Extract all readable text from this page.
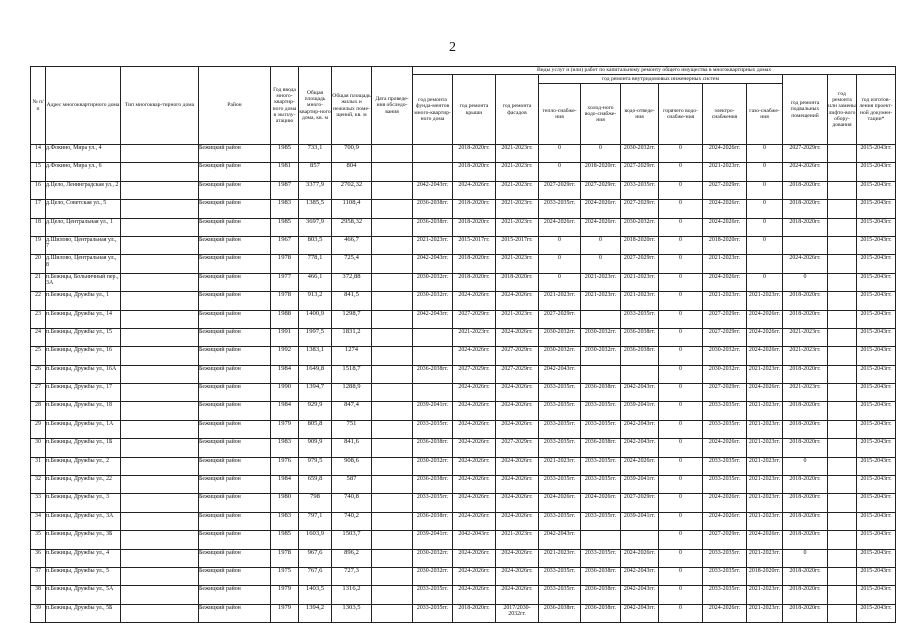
2
№ п/п	Адрес многоквартирного дома	Тип многоквар-тирного дома	Район	Год ввода много-квартир-ного дома в эксплу-атацию	Общая площадь много-квартир-ного дома, кв. м	Общая площадь жилых и нежилых поме-щений, кв. м	Дата проведе-ния обследо-вания	Виды услуг и (или) работ по капитальному ремонту общего имущества в многоквартирных домах											
								год ремонта фунда-ментов много-квартир-ного дома	год ремонта крыши	год ремонта фасадов	год ремонта внутридомовых инженерных систем						год ремонта подвальных помещений	год ремонта или замены лифто-вого обору-дования	год изготов-ления проект-ной докумен-тации*
											тепло-снабже-ния	холод-ного водо-снабже-ния	водо-отведе-ния	горячего водо-снабже-ния	электро-снабжения	газо-снабже-ния			
14	д.Фокино, Мира ул., 4		Бежицкий район	1985	733,1	700,9			2018-2020гг.	2021-2023гг.	0	0	2030-2032гг.	0	2024-2026гг.	0	2027-2029гг.		2015-2043гг.
15	д.Фокино, Мира ул., 6		Бежицкий район	1981	857	804			2018-2020гг.	2021-2023гг.	0	2018-2020гг.	2027-2029гг.	0	2021-2023гг.	0	2024-2026гг.		2015-2043гг.
16	д.Цело, Ленинградская ул., 2		Бежицкий район	1987	3377,9	2702,32		2042-2043гг.	2024-2026гг.	2021-2023гг.	2027-2029гг.	2027-2029гг.	2033-2035гг.	0	2027-2029гг.	0	2018-2020гг.		2015-2043гг.
17	д.Цело, Советская ул., 5		Бежицкий район	1983	1385,5	1108,4		2036-2038гг.	2018-2020гг.	2021-2023гг.	2033-2035гг.	2024-2026гг.	2027-2029гг.	0	2024-2026гг.	0	2018-2020гг.		2015-2043гг.
18	д.Цело, Центральная ул., 1		Бежицкий район	1985	3697,9	2958,32		2036-2038гг.	2018-2020гг.	2021-2023гг.	2024-2026гг.	2024-2026гг.	2030-2032гг.	0	2024-2026гг.	0	2018-2020гг.		2015-2043гг.
19	д.Шилово, Центральная ул., 7		Бежицкий район	1967	803,5	466,7		2021-2023гг.	2015-2017гг.	2015-2017гг.	0	0	2018-2020гг.	0	2018-2020гг.	0			2015-2043гг.
20	д.Шилово, Центральная ул., 8		Бежицкий район	1978	778,1	725,4		2042-2043гг.	2018-2020гг.	2021-2023гг.	0	0	2027-2029гг.	0	2021-2023гг.		2024-2026гг.		2015-2043гг.
21	п.Бежицы, Больничный пер., 3А		Бежицкий район	1977	466,1	372,88		2030-2032гг.	2018-2020гг.	2018-2020гг.	0	2021-2023гг.	2021-2023гг.	0	2024-2026гг.	0	0		2015-2043гг.
22	п.Бежицы, Дружбы ул., 1		Бежицкий район	1978	913,2	841,5		2030-2032гг.	2024-2026гг.	2024-2026гг.	2021-2023гг.	2021-2023гг.	2021-2023гг.	0	2021-2023гг.	2021-2023гг.	2018-2020гг.		2015-2043гг.
23	п.Бежицы, Дружбы ул., 14		Бежицкий район	1988	1400,9	1298,7		2042-2043гг.	2027-2029гг.	2021-2023гг.	2027-2029гг.		2033-2035гг.	0	2027-2029гг.	2024-2026гг.	2018-2020гг.		2015-2043гг.
24	п.Бежицы, Дружбы ул., 15		Бежицкий район	1991	1997,5	1831,2			2021-2023гг.	2024-2026гг.	2030-2032гг.	2030-2032гг.	2036-2038гг.	0	2027-2029гг.	2024-2026гг.	2021-2023гг.		2015-2043гг.
25	п.Бежицы, Дружбы ул., 16		Бежицкий район	1992	1383,1	1274			2024-2026гг.	2027-2029гг.	2030-2032гг.	2030-2032гг.	2036-2038гг.	0	2030-2032гг.	2024-2026гг.	2021-2023гг.		2015-2043гг.
26	п.Бежицы, Дружбы ул., 16А		Бежицкий район	1984	1649,8	1518,7		2036-2038гг.	2027-2029гг.	2027-2029гг.	2042-2043гг.			0	2030-2032гг.	2021-2023гг.	2018-2020гг.		2015-2043гг.
27	п.Бежицы, Дружбы ул., 17		Бежицкий район	1990	1394,7	1288,9			2024-2026гг.	2024-2026гг.	2033-2035гг.	2036-2038гг.	2042-2043гг.	0	2027-2029гг.	2024-2026гг.	2021-2023гг.		2015-2043гг.
28	п.Бежицы, Дружбы ул., 18		Бежицкий район	1984	929,9	847,4		2039-2041гг.	2024-2026гг.	2024-2026гг.	2033-2035гг.	2033-2035гг.	2039-2041гг.	0	2033-2035гг.	2021-2023гг.	2018-2020гг.		2015-2043гг.
29	п.Бежицы, Дружбы ул., 1А		Бежицкий район	1979	805,8	751		2033-2035гг.	2024-2026гг.	2024-2026гг.	2033-2035гг.	2033-2035гг.	2042-2043гг.	0	2033-2035гг.	2021-2023гг.	2018-2020гг.		2015-2043гг.
30	п.Бежицы, Дружбы ул., 1Б		Бежицкий район	1983	909,9	841,6		2036-2038гг.	2024-2026гг.	2027-2029гг.	2033-2035гг.	2036-2038гг.	2042-2043гг.	0	2024-2026гг.	2021-2023гг.	2018-2020гг.		2015-2043гг.
31	п.Бежицы, Дружбы ул., 2		Бежицкий район	1976	979,5	908,6		2030-2032гг.	2024-2026гг.	2024-2026гг.	2021-2023гг.	2033-2035гг.	2024-2026гг.	0	2033-2035гг.	2021-2023гг.	0		2015-2043гг.
32	п.Бежицы, Дружбы ул., 22		Бежицкий район	1984	659,8	587		2036-2038гг.	2024-2026гг.	2024-2026гг.	2033-2035гг.	2033-2035гг.	2039-2041гг.	0	2033-2035гг.	2021-2023гг.	2018-2020гг.		2015-2043гг.
33	п.Бежицы, Дружбы ул., 3		Бежицкий район	1980	798	740,8		2033-2035гг.	2024-2026гг.	2024-2026гг.	2024-2026гг.	2024-2026гг.	2027-2029гг.	0	2024-2026гг.	2021-2023гг.	2018-2020гг.		2015-2043гг.
34	п.Бежицы, Дружбы ул., 3А		Бежицкий район	1983	797,1	740,2		2036-2038гг.	2024-2026гг.	2024-2026гг.	2033-2035гг.	2033-2035гг.	2039-2041гг.	0	2024-2026гг.	2021-2023гг.	2018-2020гг.		2015-2043гг.
35	п.Бежицы, Дружбы ул., 3Б		Бежицкий район	1985	1603,9	1503,7		2039-2041гг.	2042-2043гг.	2021-2023гг.	2042-2043гг.			0	2027-2029гг.	2024-2026гг.	2018-2020гг.		2015-2043гг.
36	п.Бежицы, Дружбы ул., 4		Бежицкий район	1978	967,6	896,2		2030-2032гг.	2024-2026гг.	2024-2026гг.	2021-2023гг.	2033-2035гг.	2024-2026гг.	0	2033-2035гг.	2021-2023гг.	0		2015-2043гг.
37	п.Бежицы, Дружбы ул., 5		Бежицкий район	1975	767,6	727,3		2030-2032гг.	2024-2026гг.	2024-2026гг.	2033-2035гг.	2036-2038гг.	2042-2043гг.	0	2033-2035гг.	2018-2020гг.	2018-2020гг.		2015-2043гг.
38	п.Бежицы, Дружбы ул., 5А		Бежицкий район	1979	1403,5	1316,2		2033-2035гг.	2024-2026гг.	2024-2026гг.	2033-2035гг.	2036-2038гг.	2042-2043гг.	0	2033-2035гг.	2021-2023гг.	2018-2020гг.		2015-2043гг.
39	п.Бежицы, Дружбы ул., 5Б		Бежицкий район	1979	1394,2	1303,5		2033-2035гг.	2018-2020гг.	2017/2030-2032гг.	2036-2038гг.	2036-2038гг.	2042-2043гг.	0	2024-2026гг.	2021-2023гг.	2018-2020гг.		2015-2043гг.
